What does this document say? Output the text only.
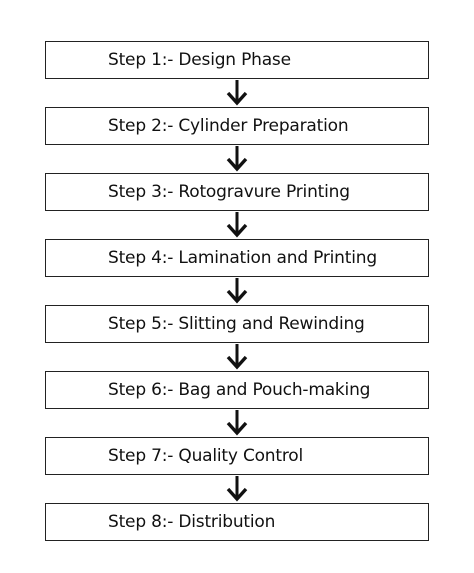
Step 1:- Design Phase
Step 2:- Cylinder Preparation
Step 3:- Rotogravure Printing
Step 4:- Lamination and Printing
Step 5:- Slitting and Rewinding
Step 6:- Bag and Pouch-making
Step 7:- Quality Control
Step 8:- Distribution
